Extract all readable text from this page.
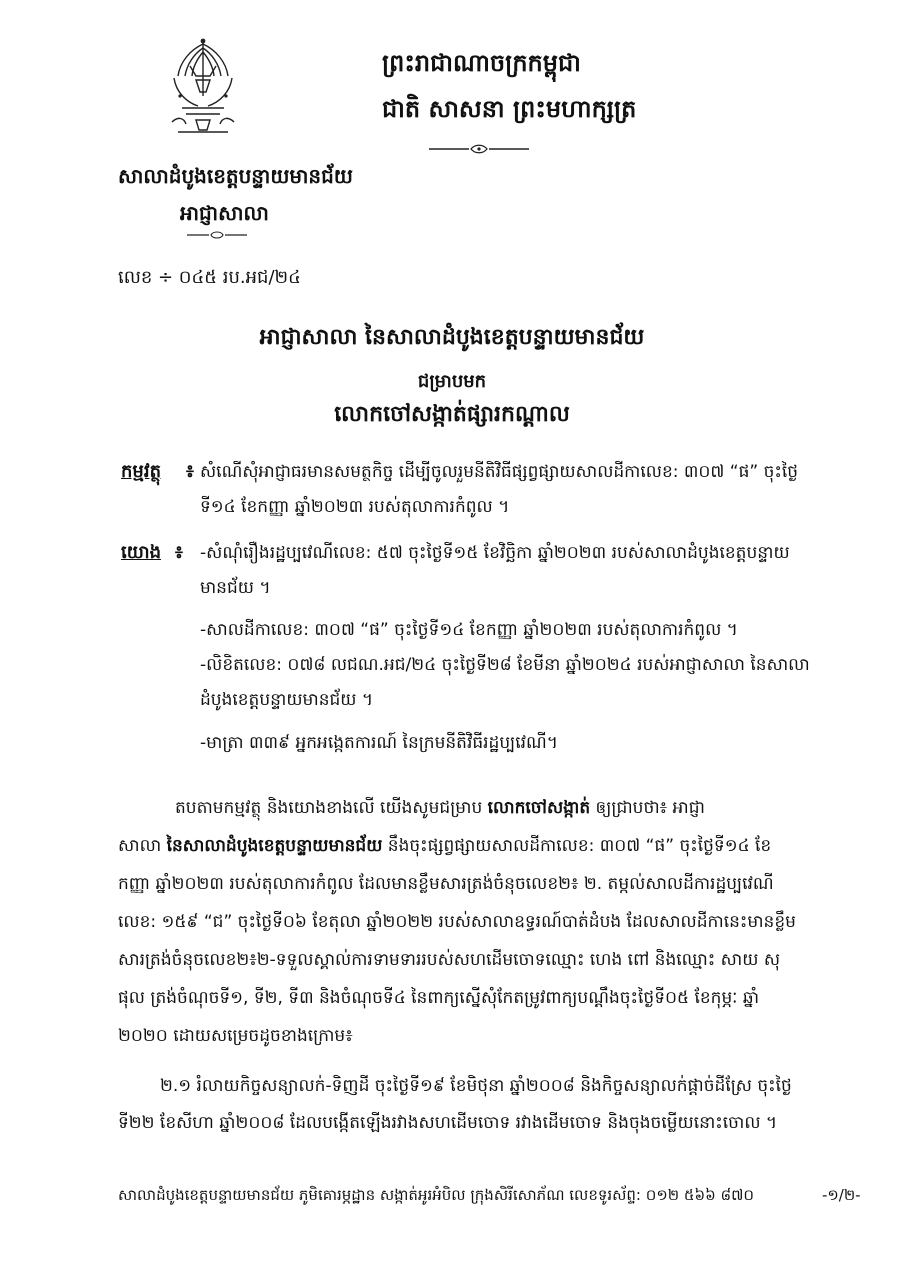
ព្រះរាជាណាចក្រកម្ពុជា
ជាតិ សាសនា ព្រះមហាក្សត្រ
សាលាដំបូងខេត្តបន្ទាយមានជ័យ
អាជ្ញាសាលា
លេខ ÷ ០៤៥ រប.អជ/២៤
អាជ្ញាសាលា នៃសាលាដំបូងខេត្តបន្ទាយមានជ័យ
ជម្រាបមក
លោកចៅសង្កាត់ផ្សារកណ្តាល
កម្មវត្ថុ ៖ សំណើសុំអាជ្ញាធរមានសមត្ថកិច្ច ដើម្បីចូលរួមនីតិវិធីផ្សព្វផ្សាយសាលដីកាលេខ: ៣០៧ “ផ” ចុះថ្ងៃ
ទី១៤ ខែកញ្ញា ឆ្នាំ២០២៣ របស់តុលាការកំពូល ។
យោង ៖ -សំណុំរឿងរដ្ឋប្បវេណីលេខ: ៥៧ ចុះថ្ងៃទី១៥ ខែវិច្ឆិកា ឆ្នាំ២០២៣ របស់សាលាដំបូងខេត្តបន្ទាយ
មានជ័យ ។
-សាលដីកាលេខ: ៣០៧ “ផ” ចុះថ្ងៃទី១៤ ខែកញ្ញា ឆ្នាំ២០២៣ របស់តុលាការកំពូល ។
-លិខិតលេខ: ០៧៨ លជណ.អជ/២៤ ចុះថ្ងៃទី២៨ ខែមីនា ឆ្នាំ២០២៤ របស់អាជ្ញាសាលា នៃសាលា
ដំបូងខេត្តបន្ទាយមានជ័យ ។
-មាត្រា ៣៣៩ អ្នកអង្កេតការណ៍ នៃក្រមនីតិវិធីរដ្ឋប្បវេណី។
តបតាមកម្មវត្ថុ និងយោងខាងលើ យើងសូមជម្រាប លោកចៅសង្កាត់ ឲ្យជ្រាបថា៖ អាជ្ញា
សាលា នៃសាលាដំបូងខេត្តបន្ទាយមានជ័យ នឹងចុះផ្សព្វផ្សាយសាលដីកាលេខ: ៣០៧ “ផ” ចុះថ្ងៃទី១៤ ខែ
កញ្ញា ឆ្នាំ២០២៣ របស់តុលាការកំពូល ដែលមានខ្លឹមសារត្រង់ចំនុចលេខ២៖ ២. តម្កល់សាលដីការដ្ឋប្បវេណី
លេខ: ១៥៩ “ជ” ចុះថ្ងៃទី០៦ ខែតុលា ឆ្នាំ២០២២ របស់សាលាឧទ្ធរណ៍បាត់ដំបង ដែលសាលដីកានេះមានខ្លឹម
សារត្រង់ចំនុចលេខ២៖២-ទទួលស្គាល់ការទាមទាររបស់សហដើមចោទឈ្មោះ ហេង ពៅ និងឈ្មោះ សាយ សុ
ផុល ត្រង់ចំណុចទី១, ទី២, ទី៣ និងចំណុចទី៤ នៃពាក្យស្នើសុំកែតម្រូវពាក្យបណ្តឹងចុះថ្ងៃទី០៥ ខែកុម្ភៈ ឆ្នាំ
២០២០ ដោយសម្រេចដូចខាងក្រោម៖
២.១ រំលាយកិច្ចសន្យាលក់-ទិញដី ចុះថ្ងៃទី១៩ ខែមិថុនា ឆ្នាំ២០០៨ និងកិច្ចសន្យាលក់ផ្តាច់ដីស្រែ ចុះថ្ងៃ
ទី២២ ខែសីហា ឆ្នាំ២០០៨ ដែលបង្កើតឡើងរវាងសហដើមចោទ រវាងដើមចោទ និងចុងចម្លើយនោះចោល ។
សាលាដំបូងខេត្តបន្ទាយមានជ័យ ភូមិគោរម្ភដ្ឋាន សង្កាត់អូរអំបិល ក្រុងសិរីសោភ័ណ លេខទូរស័ព្ទ: ០១២ ៥៦៦ ៨៧០	-១/២-
